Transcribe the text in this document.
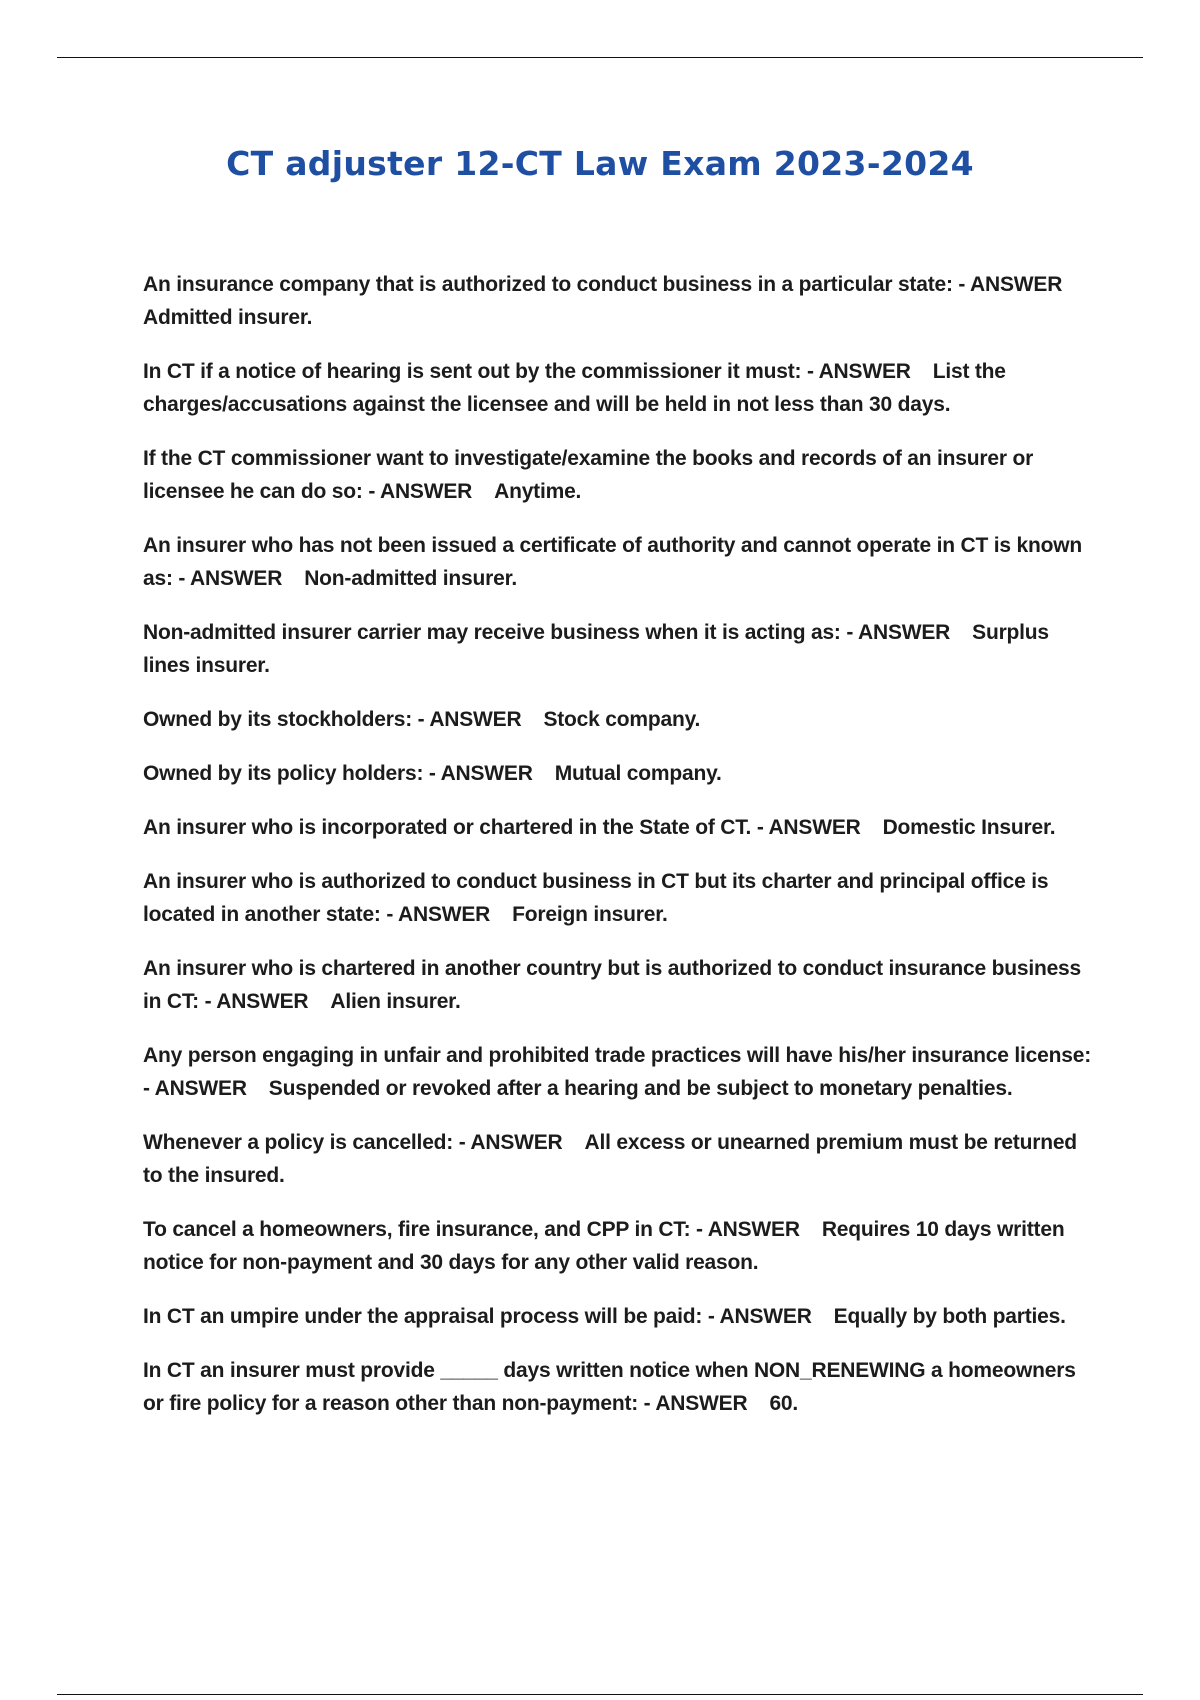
CT adjuster 12-CT Law Exam 2023-2024
An insurance company that is authorized to conduct business in a particular state: - ANSWER Admitted insurer.
In CT if a notice of hearing is sent out by the commissioner it must: - ANSWER List the charges/accusations against the licensee and will be held in not less than 30 days.
If the CT commissioner want to investigate/examine the books and records of an insurer or licensee he can do so: - ANSWER Anytime.
An insurer who has not been issued a certificate of authority and cannot operate in CT is known as: - ANSWER Non-admitted insurer.
Non-admitted insurer carrier may receive business when it is acting as: - ANSWER Surplus lines insurer.
Owned by its stockholders: - ANSWER Stock company.
Owned by its policy holders: - ANSWER Mutual company.
An insurer who is incorporated or chartered in the State of CT. - ANSWER Domestic Insurer.
An insurer who is authorized to conduct business in CT but its charter and principal office is located in another state: - ANSWER Foreign insurer.
An insurer who is chartered in another country but is authorized to conduct insurance business in CT: - ANSWER Alien insurer.
Any person engaging in unfair and prohibited trade practices will have his/her insurance license: - ANSWER Suspended or revoked after a hearing and be subject to monetary penalties.
Whenever a policy is cancelled: - ANSWER All excess or unearned premium must be returned to the insured.
To cancel a homeowners, fire insurance, and CPP in CT: - ANSWER Requires 10 days written notice for non-payment and 30 days for any other valid reason.
In CT an umpire under the appraisal process will be paid: - ANSWER Equally by both parties.
In CT an insurer must provide _____ days written notice when NON_RENEWING a homeowners or fire policy for a reason other than non-payment: - ANSWER 60.
